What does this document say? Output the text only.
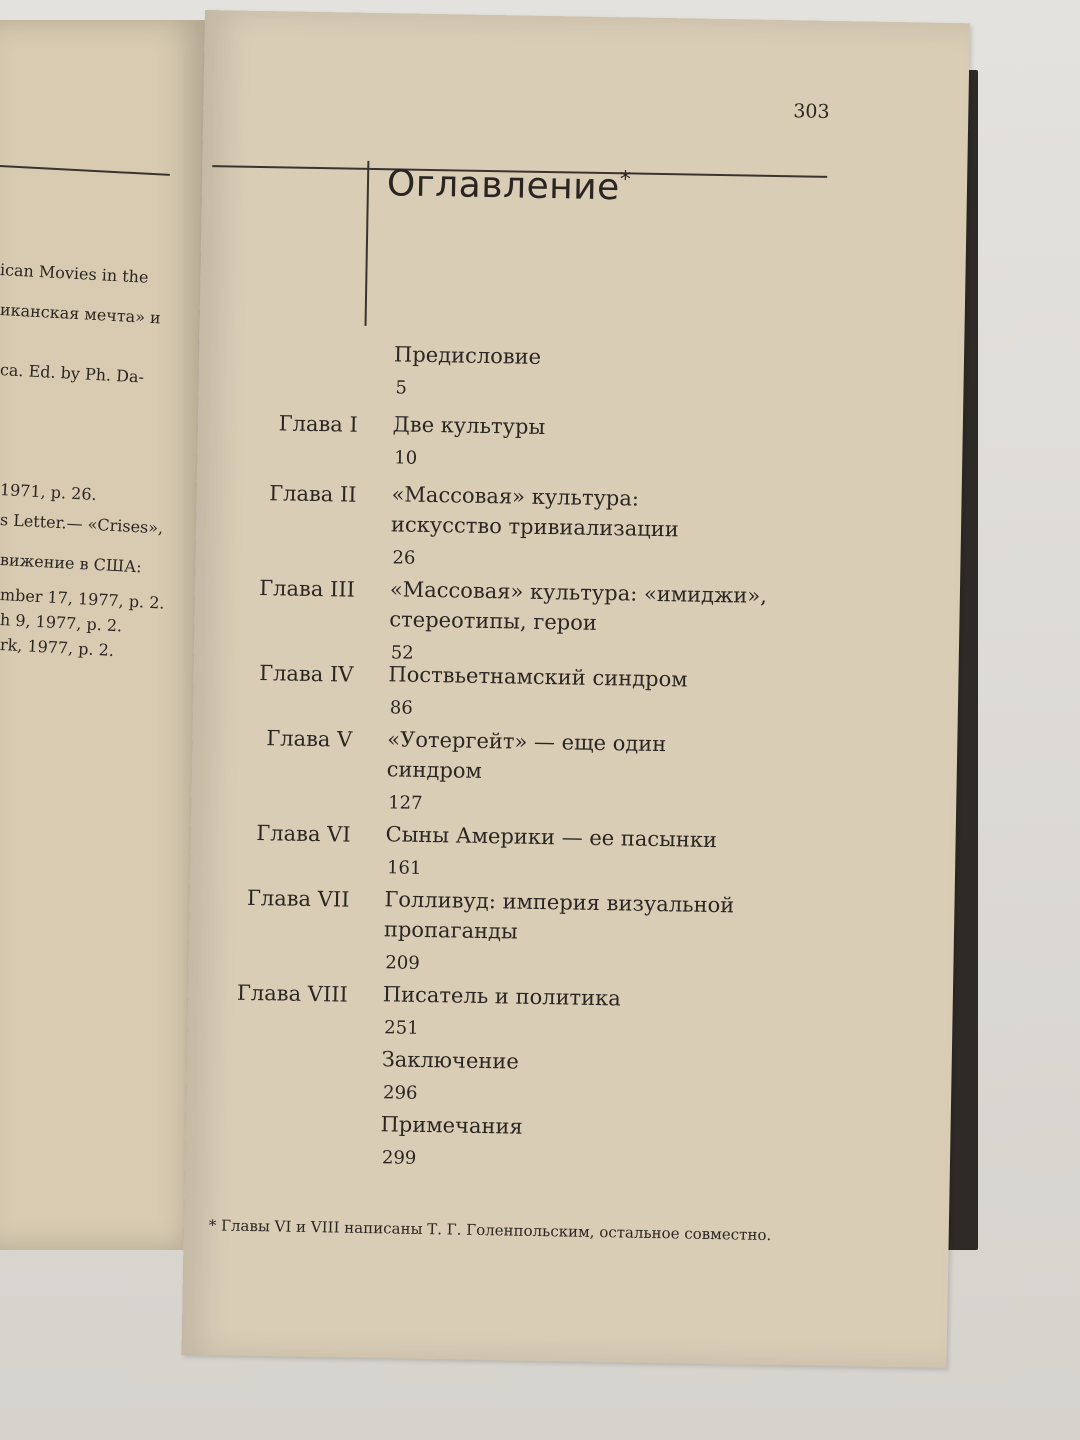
ican Movies in the
иканская мечта» и
ca. Ed. by Ph. Da-
1971, p. 26.
s Letter.— «Crises»,
вижение в США:
mber 17, 1977, p. 2.
h 9, 1977, p. 2.
rk, 1977, p. 2.
303
Оглавление*
Предисловие
5
Глава I Две культуры
10
Глава II «Массовая» культура:
искусство тривиализации
26
Глава III «Массовая» культура: «имиджи»,
стереотипы, герои
52
Глава IV Поствьетнамский синдром
86
Глава V «Уотергейт» — еще один
синдром
127
Глава VI Сыны Америки — ее пасынки
161
Глава VII Голливуд: империя визуальной
пропаганды
209
Глава VIII Писатель и политика
251
Заключение
296
Примечания
299
* Главы VI и VIII написаны Т. Г. Голенпольским, остальное совместно.
